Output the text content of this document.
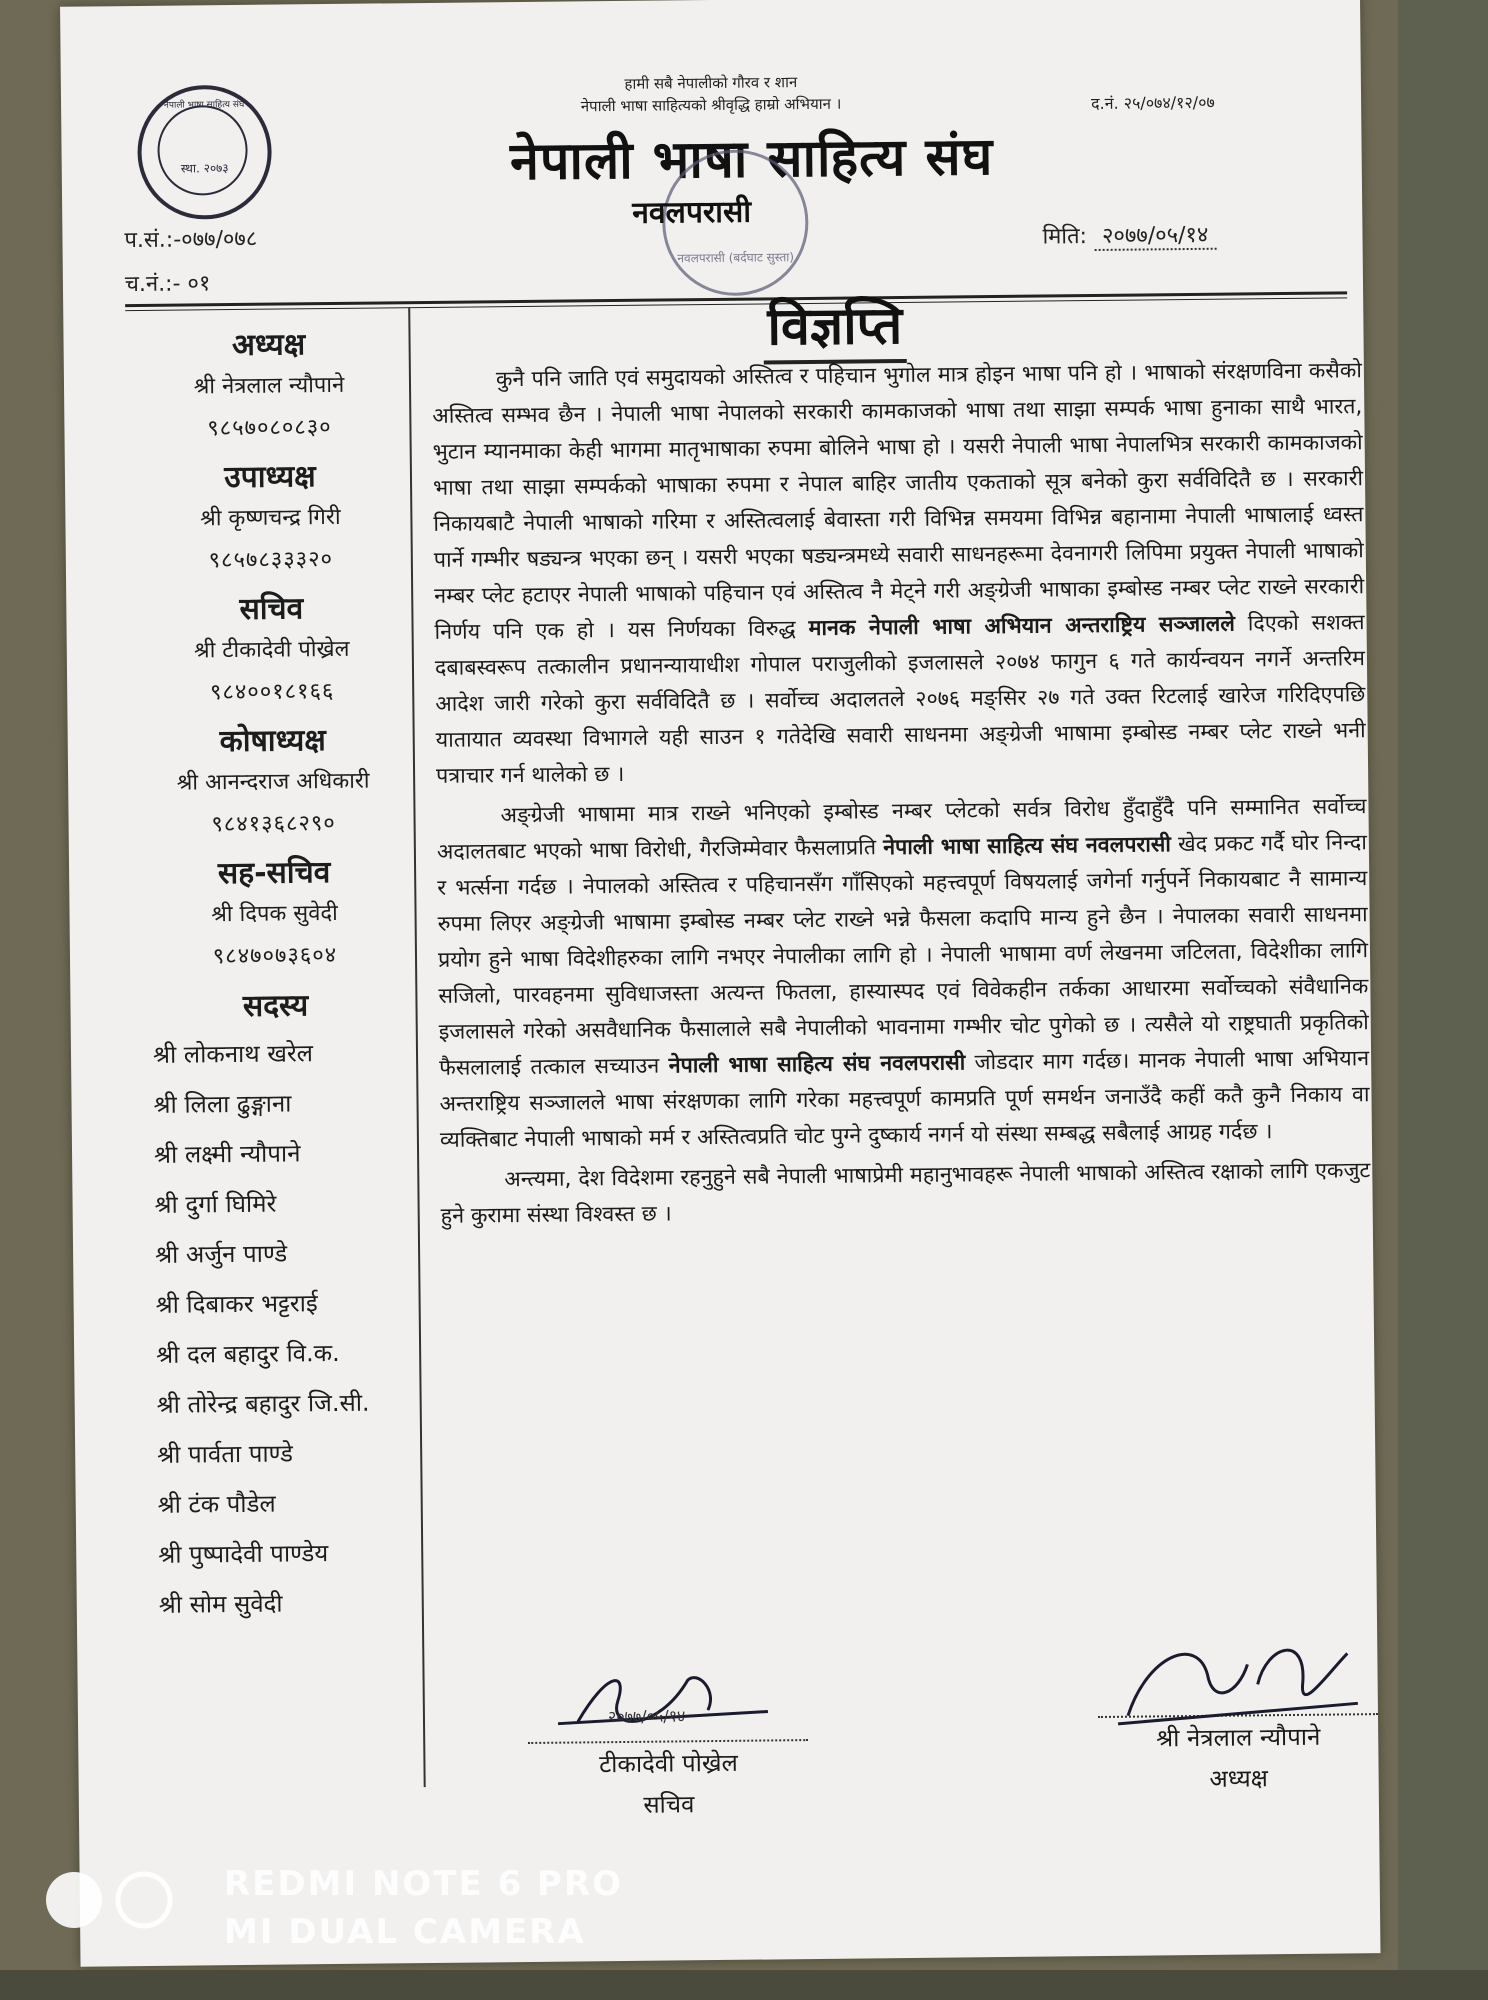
नेपाली भाषा साहित्य संघ
स्था. २०७३
हामी सबै नेपालीको गौरव र शान
नेपाली भाषा साहित्यको श्रीवृद्धि हाम्रो अभियान ।	द.नं. २५/०७४/१२/०७
नेपाली भाषा साहित्य संघ
नवलपरासी (बर्दघाट सुस्ता)
नवलपरासी
प.सं.:-०७७/०७८
च.नं.:- ०१
मिति: २०७७/०५/१४
अध्यक्ष
श्री नेत्रलाल न्यौपाने
९८५७०८०८३०
उपाध्यक्ष
श्री कृष्णचन्द्र गिरी
९८५७८३३३२०
सचिव
श्री टीकादेवी पोख्रेल
९८४००१८१६६
कोषाध्यक्ष
श्री आनन्दराज अधिकारी
९८४१३६८२९०
सह-सचिव
श्री दिपक सुवेदी
९८४७०७३६०४
सदस्य
श्री लोकनाथ खरेल
श्री लिला ढुङ्गाना
श्री लक्ष्मी न्यौपाने
श्री दुर्गा घिमिरे
श्री अर्जुन पाण्डे
श्री दिबाकर भट्टराई
श्री दल बहादुर वि.क.
श्री तोरेन्द्र बहादुर जि.सी.
श्री पार्वता पाण्डे
श्री टंक पौडेल
श्री पुष्पादेवी पाण्डेय
श्री सोम सुवेदी
विज्ञप्ति

कुनै पनि जाति एवं समुदायको अस्तित्व र पहिचान भुगोल मात्र होइन भाषा पनि हो । भाषाको संरक्षणविना कसैको अस्तित्व सम्भव छैन । नेपाली भाषा नेपालको सरकारी कामकाजको भाषा तथा साझा सम्पर्क भाषा हुनाका साथै भारत, भुटान म्यानमाका केही भागमा मातृभाषाका रुपमा बोलिने भाषा हो । यसरी नेपाली भाषा नेपालभित्र सरकारी कामकाजको भाषा तथा साझा सम्पर्कको भाषाका रुपमा र नेपाल बाहिर जातीय एकताको सूत्र बनेको कुरा सर्वविदितै छ । सरकारी निकायबाटै नेपाली भाषाको गरिमा र अस्तित्वलाई बेवास्ता गरी विभिन्न समयमा विभिन्न बहानामा नेपाली भाषालाई ध्वस्त पार्ने गम्भीर षड्यन्त्र भएका छन् । यसरी भएका षड्यन्त्रमध्ये सवारी साधनहरूमा देवनागरी लिपिमा प्रयुक्त नेपाली भाषाको नम्बर प्लेट हटाएर नेपाली भाषाको पहिचान एवं अस्तित्व नै मेट्ने गरी अङ्ग्रेजी भाषाका इम्बोस्ड नम्बर प्लेट राख्ने सरकारी निर्णय पनि एक हो । यस निर्णयका विरुद्ध मानक नेपाली भाषा अभियान अन्तराष्ट्रिय सञ्जालले दिएको सशक्त दबाबस्वरूप तत्कालीन प्रधानन्यायाधीश गोपाल पराजुलीको इजलासले २०७४ फागुन ६ गते कार्यन्वयन नगर्ने अन्तरिम आदेश जारी गरेको कुरा सर्वविदितै छ । सर्वोच्च अदालतले २०७६ मङ्सिर २७ गते उक्त रिटलाई खारेज गरिदिएपछि यातायात व्यवस्था विभागले यही साउन १ गतेदेखि सवारी साधनमा अङ्ग्रेजी भाषामा इम्बोस्ड नम्बर प्लेट राख्ने भनी पत्राचार गर्न थालेको छ ।

अङ्ग्रेजी भाषामा मात्र राख्ने भनिएको इम्बोस्ड नम्बर प्लेटको सर्वत्र विरोध हुँदाहुँदै पनि सम्मानित सर्वोच्च अदालतबाट भएको भाषा विरोधी, गैरजिम्मेवार फैसलाप्रति नेपाली भाषा साहित्य संघ नवलपरासी खेद प्रकट गर्दै घोर निन्दा र भर्त्सना गर्दछ । नेपालको अस्तित्व र पहिचानसँग गाँसिएको महत्त्वपूर्ण विषयलाई जगेर्ना गर्नुपर्ने निकायबाट नै सामान्य रुपमा लिएर अङ्ग्रेजी भाषामा इम्बोस्ड नम्बर प्लेट राख्ने भन्ने फैसला कदापि मान्य हुने छैन । नेपालका सवारी साधनमा प्रयोग हुने भाषा विदेशीहरुका लागि नभएर नेपालीका लागि हो । नेपाली भाषामा वर्ण लेखनमा जटिलता, विदेशीका लागि सजिलो, पारवहनमा सुविधाजस्ता अत्यन्त फितला, हास्यास्पद एवं विवेकहीन तर्कका आधारमा सर्वोच्चको संवैधानिक इजलासले गरेको असवैधानिक फैसालाले सबै नेपालीको भावनामा गम्भीर चोट पुगेको छ । त्यसैले यो राष्ट्रघाती प्रकृतिको फैसलालाई तत्काल सच्याउन नेपाली भाषा साहित्य संघ नवलपरासी जोडदार माग गर्दछ। मानक नेपाली भाषा अभियान अन्तराष्ट्रिय सञ्जालले भाषा संरक्षणका लागि गरेका महत्त्वपूर्ण कामप्रति पूर्ण समर्थन जनाउँदै कहीं कतै कुनै निकाय वा व्यक्तिबाट नेपाली भाषाको मर्म र अस्तित्वप्रति चोट पुग्ने दुष्कार्य नगर्न यो संस्था सम्बद्ध सबैलाई आग्रह गर्दछ ।

अन्त्यमा, देश विदेशमा रहनुहुने सबै नेपाली भाषाप्रेमी महानुभावहरू नेपाली भाषाको अस्तित्व रक्षाको लागि एकजुट हुने कुरामा संस्था विश्वस्त छ ।

२०७७/०५/१४
टीकादेवी पोख्रेल
सचिव
श्री नेत्रलाल न्यौपाने
अध्यक्ष
REDMI NOTE 6 PRO
MI DUAL CAMERA
